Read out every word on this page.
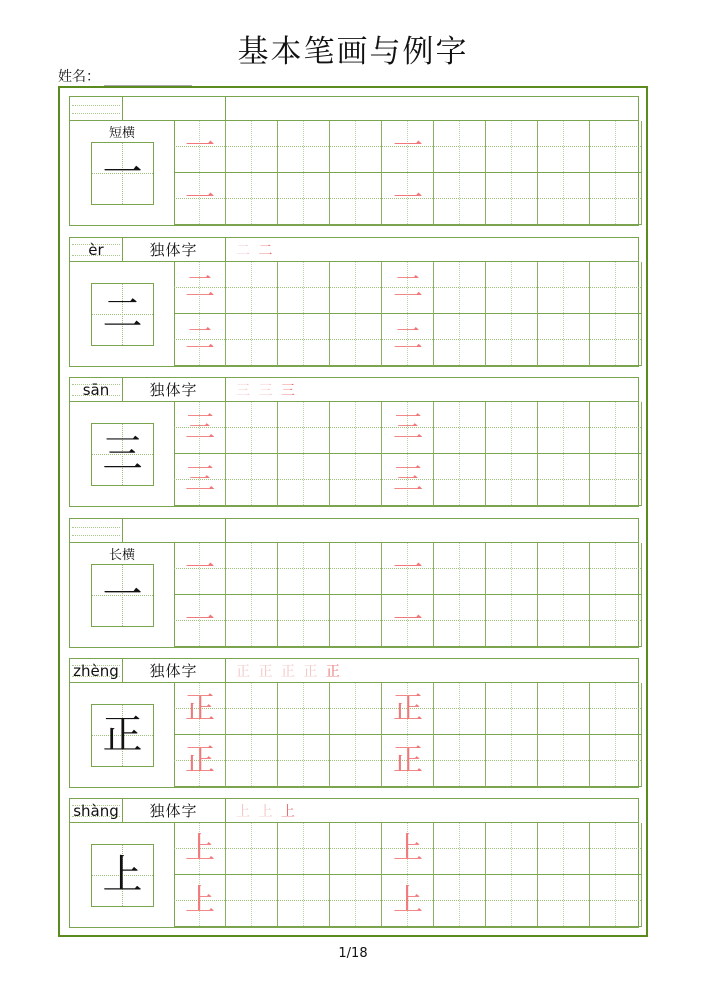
基本笔画与例字
姓名：
短横
一
一	一
一	一
èr	独体字	二 二
二
二	二
二	二
sān	独体字	三 三 三
三
三	三
三	三
长横
一
一	一
一	一
zhèng	独体字	正 正 正 正 正
正
正	正
正	正
shàng	独体字	上 上 上
上
上	上
上	上
1/18
